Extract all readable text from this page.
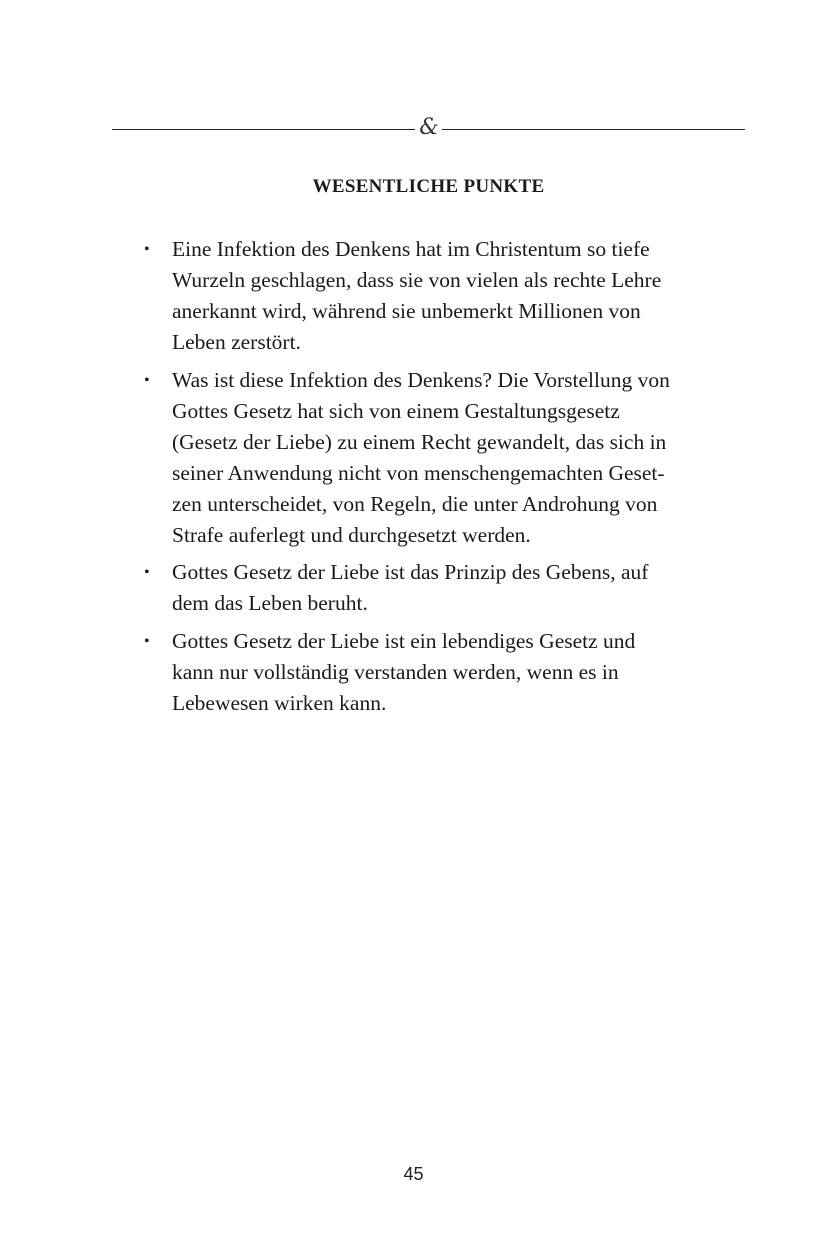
&
WESENTLICHE PUNKTE
• Eine Infektion des Denkens hat im Christentum so tiefe
Wurzeln geschlagen, dass sie von vielen als rechte Lehre
anerkannt wird, während sie unbemerkt Millionen von
Leben zerstört.
• Was ist diese Infektion des Denkens? Die Vorstellung von
Gottes Gesetz hat sich von einem Gestaltungsgesetz
(Gesetz der Liebe) zu einem Recht gewandelt, das sich in
seiner Anwendung nicht von menschengemachten Geset-
zen unterscheidet, von Regeln, die unter Androhung von
Strafe auferlegt und durchgesetzt werden.
• Gottes Gesetz der Liebe ist das Prinzip des Gebens, auf
dem das Leben beruht.
• Gottes Gesetz der Liebe ist ein lebendiges Gesetz und
kann nur vollständig verstanden werden, wenn es in
Lebewesen wirken kann.
45
